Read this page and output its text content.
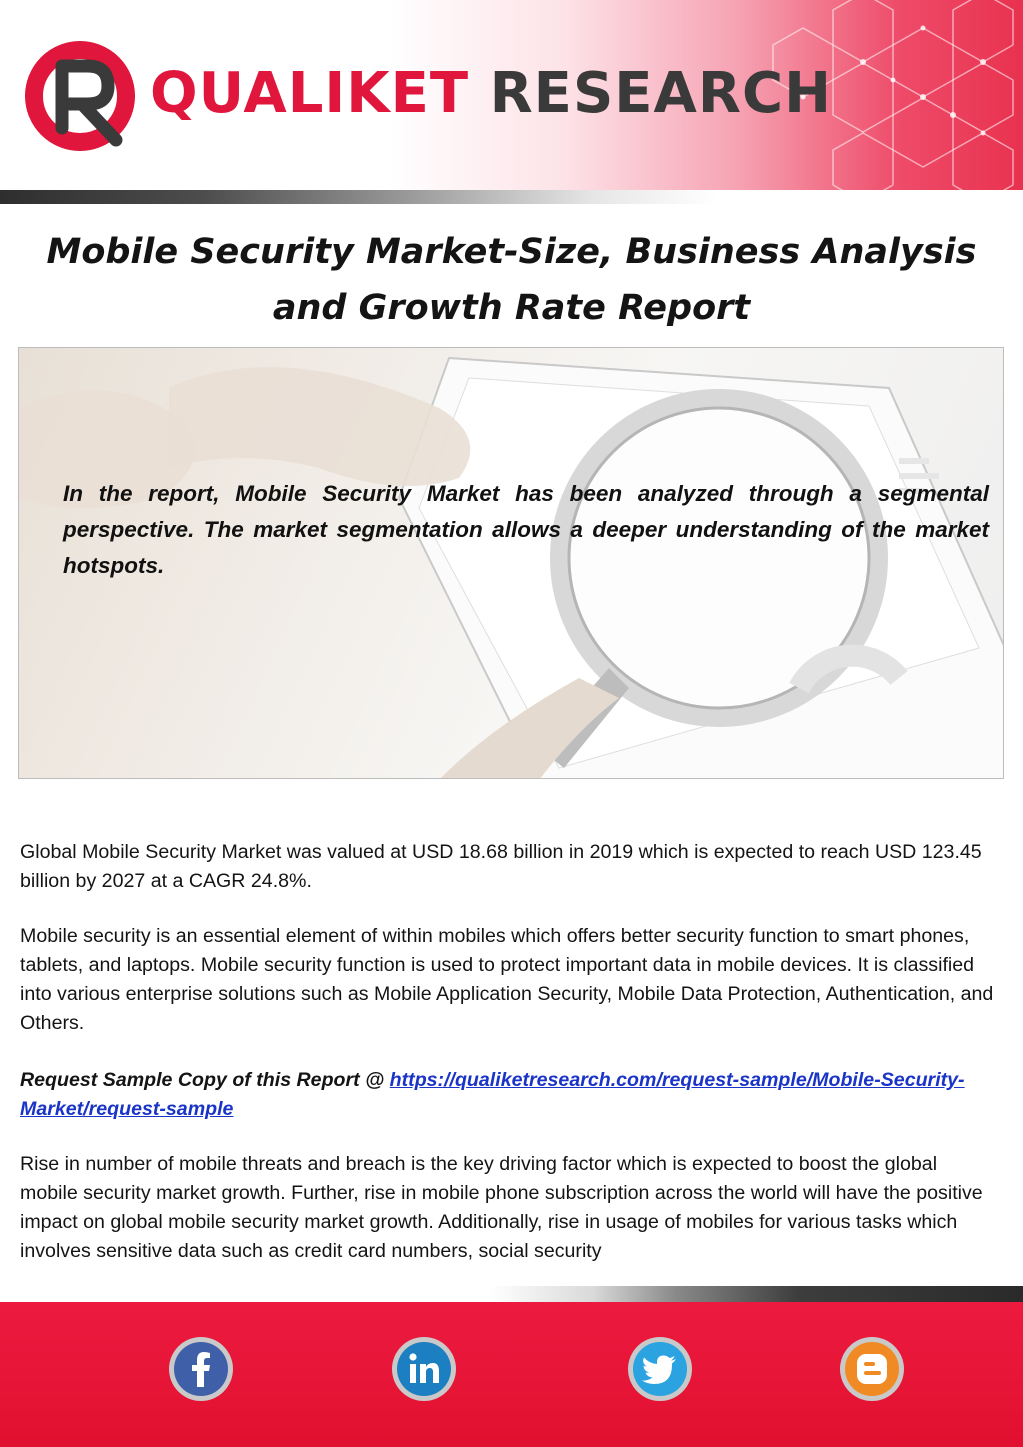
QUALIKET RESEARCH
Mobile Security Market-Size, Business Analysis and Growth Rate Report

In the report, Mobile Security Market has been analyzed through a segmental perspective. The market segmentation allows a deeper understanding of the market hotspots.

Global Mobile Security Market was valued at USD 18.68 billion in 2019 which is expected to reach USD 123.45 billion by 2027 at a CAGR 24.8%.

Mobile security is an essential element of within mobiles which offers better security function to smart phones, tablets, and laptops. Mobile security function is used to protect important data in mobile devices. It is classified into various enterprise solutions such as Mobile Application Security, Mobile Data Protection, Authentication, and Others.

Request Sample Copy of this Report @ https://qualiketresearch.com/request-sample/Mobile-Security-Market/request-sample

Rise in number of mobile threats and breach is the key driving factor which is expected to boost the global mobile security market growth. Further, rise in mobile phone subscription across the world will have the positive impact on global mobile security market growth. Additionally, rise in usage of mobiles for various tasks which involves sensitive data such as credit card numbers, social security
